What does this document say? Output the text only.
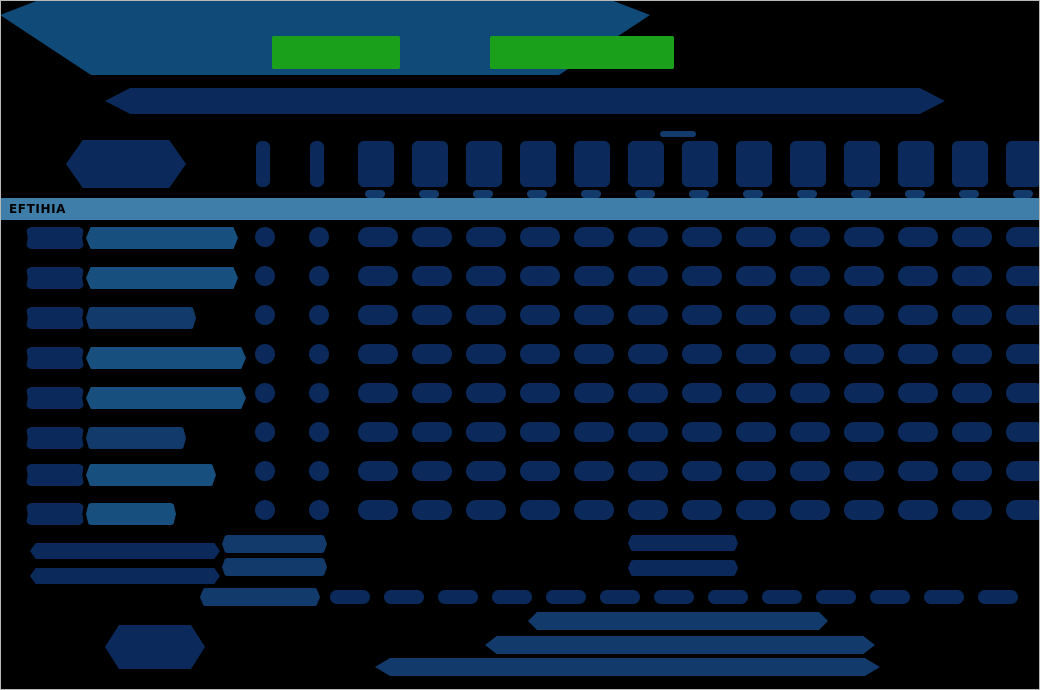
EFTIHIA
